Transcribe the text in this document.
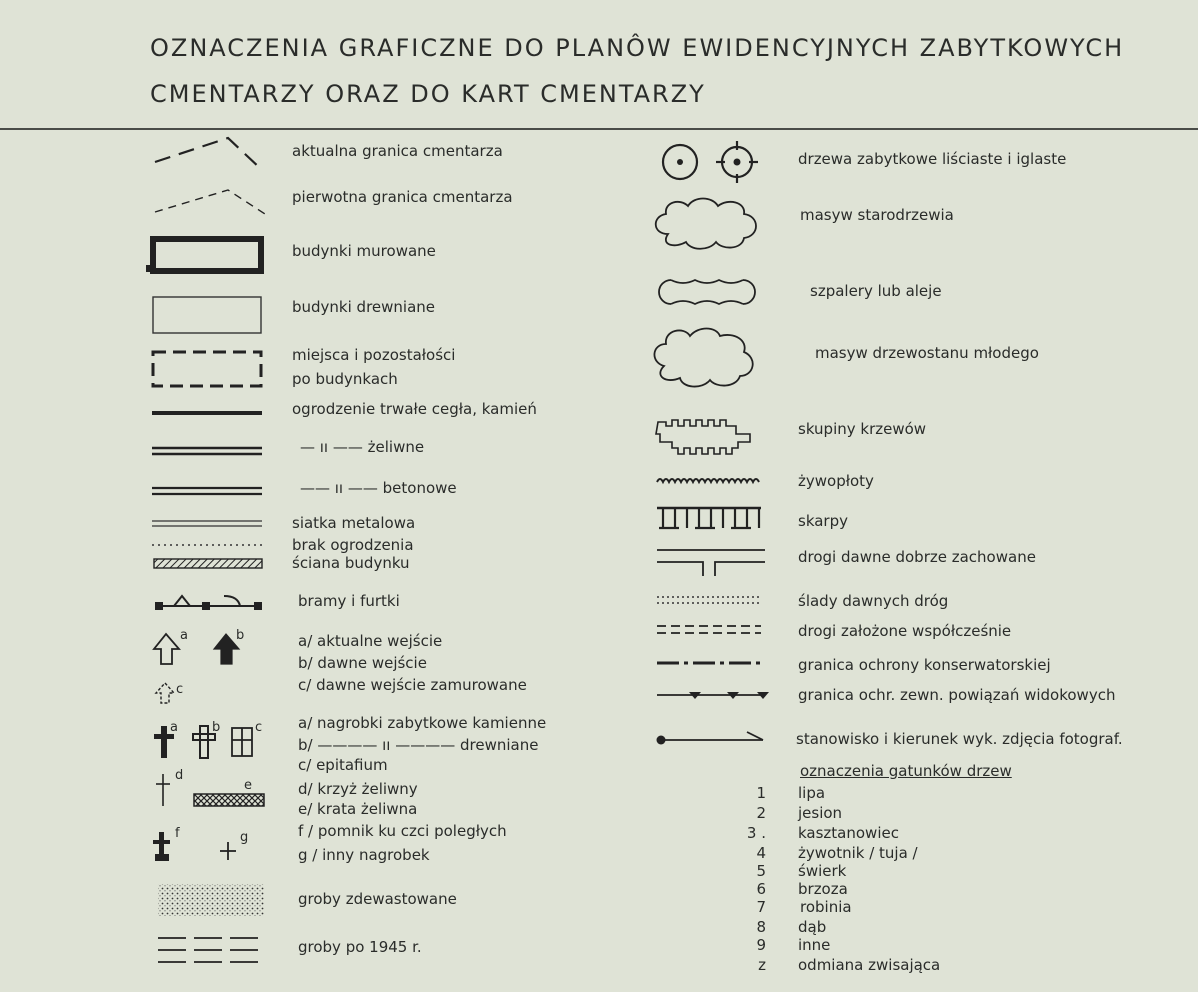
OZNACZENIA GRAFICZNE DO PLANÔW EWIDENCYJNYCH ZABYTKOWYCH
CMENTARZY ORAZ DO KART CMENTARZY
a	b
c
a	b	c
d
e
f	g
aktualna granica cmentarza
pierwotna granica cmentarza
budynki murowane
budynki drewniane
miejsca i pozostałości
po budynkach
ogrodzenie trwałe cegła, kamień
— ıı —— żeliwne
—— ıı —— betonowe
siatka metalowa
brak ogrodzenia
ściana budynku
bramy i furtki
a/ aktualne wejście
b/ dawne wejście
c/ dawne wejście zamurowane
a/ nagrobki zabytkowe kamienne
b/ ———— ıı ———— drewniane
c/ epitafium
d/ krzyż żeliwny
e/ krata żeliwna
f / pomnik ku czci poległych
g / inny nagrobek
groby zdewastowane
groby po 1945 r.
drzewa zabytkowe liściaste i iglaste
masyw starodrzewia
szpalery lub aleje
masyw drzewostanu młodego
skupiny krzewów
żywopłoty
skarpy
drogi dawne dobrze zachowane
ślady dawnych dróg
drogi założone współcześnie
granica ochrony konserwatorskiej
granica ochr. zewn. powiązań widokowych
stanowisko i kierunek wyk. zdjęcia fotograf.
oznaczenia gatunków drzew
1 lipa
2 jesion
3 . kasztanowiec
4 żywotnik / tuja /
5 świerk
6 brzoza
7 robinia
8 dąb
9 inne
z odmiana zwisająca
